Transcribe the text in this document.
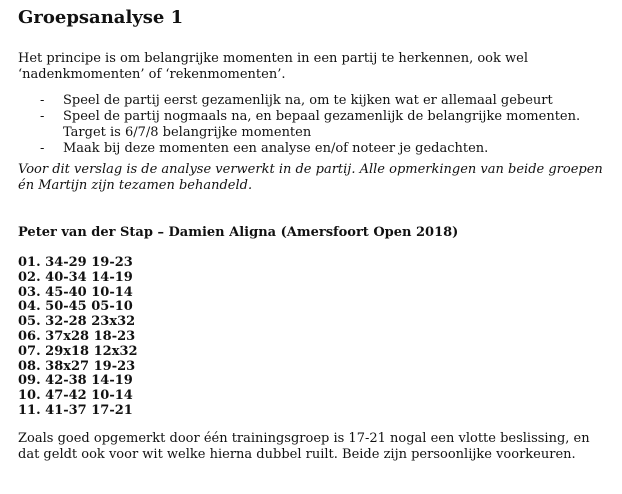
Groepsanalyse 1

Het principe is om belangrijke momenten in een partij te herkennen, ook wel ‘nadenkmomenten’ of ‘rekenmomenten’.

- Speel de partij eerst gezamenlijk na, om te kijken wat er allemaal gebeurt
- Speel de partij nogmaals na, en bepaal gezamenlijk de belangrijke momenten. Target is 6/7/8 belangrijke momenten
- Maak bij deze momenten een analyse en/of noteer je gedachten.

Voor dit verslag is de analyse verwerkt in de partij. Alle opmerkingen van beide groepen én Martijn zijn tezamen behandeld.

Peter van der Stap – Damien Aligna (Amersfoort Open 2018)

01. 34-29 19-23
02. 40-34 14-19
03. 45-40 10-14
04. 50-45 05-10
05. 32-28 23x32
06. 37x28 18-23
07. 29x18 12x32
08. 38x27 19-23
09. 42-38 14-19
10. 47-42 10-14
11. 41-37 17-21

Zoals goed opgemerkt door één trainingsgroep is 17-21 nogal een vlotte beslissing, en dat geldt ook voor wit welke hierna dubbel ruilt. Beide zijn persoonlijke voorkeuren.
